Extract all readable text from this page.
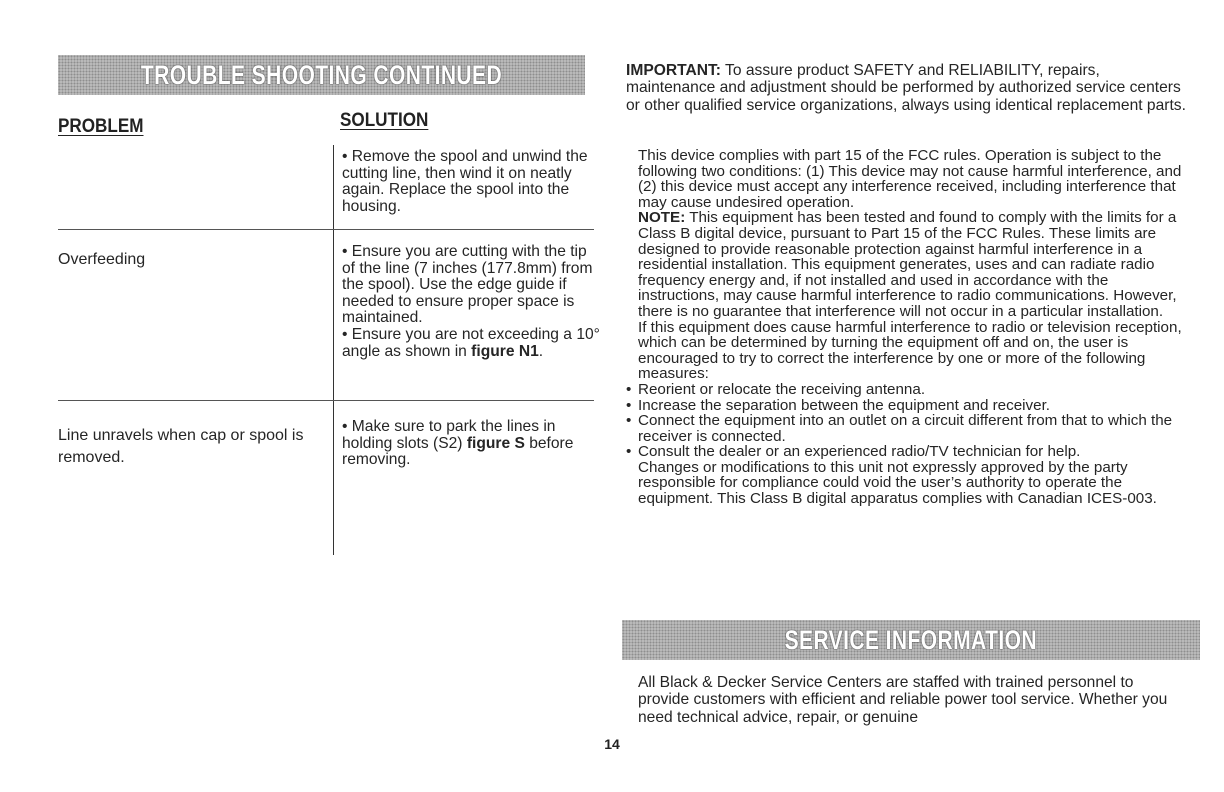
TROUBLE SHOOTING CONTINUED
PROBLEM	SOLUTION
• Remove the spool and unwind the cutting line, then wind it on neatly again. Replace the spool into the housing.
Overfeeding	• Ensure you are cutting with the tip of the line (7 inches (177.8mm) from the spool). Use the edge guide if needed to ensure proper space is maintained.
• Ensure you are not exceeding a 10° angle as shown in figure N1.
Line unravels when cap or spool is removed.
• Make sure to park the lines in holding slots (S2) figure S before removing.
IMPORTANT: To assure product SAFETY and RELIABILITY, repairs, maintenance and adjustment should be performed by authorized service centers or other qualified service organizations, always using identical replacement parts.

This device complies with part 15 of the FCC rules. Operation is subject to the following two conditions: (1) This device may not cause harmful interference, and (2) this device must accept any interference received, including interference that may cause undesired operation.

NOTE: This equipment has been tested and found to comply with the limits for a Class B digital device, pursuant to Part 15 of the FCC Rules. These limits are designed to provide reasonable protection against harmful interference in a residential installation. This equipment generates, uses and can radiate radio frequency energy and, if not installed and used in accordance with the instructions, may cause harmful interference to radio communications. However, there is no guarantee that interference will not occur in a particular installation.

If this equipment does cause harmful interference to radio or television reception, which can be determined by turning the equipment off and on, the user is encouraged to try to correct the interference by one or more of the following measures:

• Reorient or relocate the receiving antenna.
• Increase the separation between the equipment and receiver.
• Connect the equipment into an outlet on a circuit different from that to which the receiver is connected.
• Consult the dealer or an experienced radio/TV technician for help.

Changes or modifications to this unit not expressly approved by the party responsible for compliance could void the user’s authority to operate the equipment. This Class B digital apparatus complies with Canadian ICES-003.

SERVICE INFORMATION
All Black & Decker Service Centers are staffed with trained personnel to provide customers with efficient and reliable power tool service. Whether you need technical advice, repair, or genuine
14
